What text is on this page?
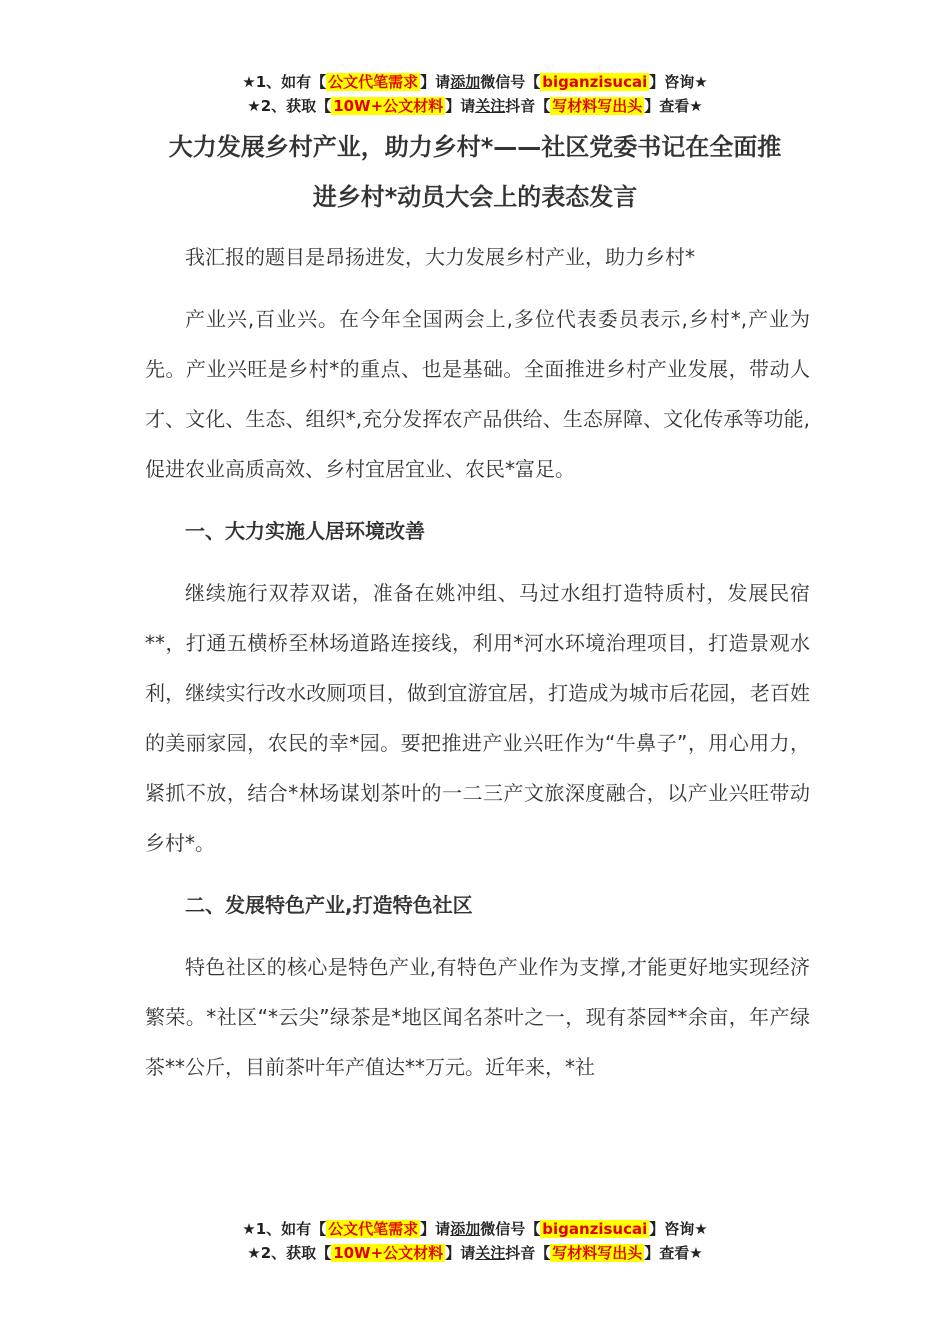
★1、如有【 公文代笔需求 】请添加微信号【 biganzisucai 】咨询★
★2、获取【 10W+公文材料 】请关注抖音【 写材料写出头 】查看★
大力发展乡村产业，助力乡村*——社区党委书记在全面推
进乡村*动员大会上的表态发言

我汇报的题目是昂扬进发，大力发展乡村产业，助力乡村*

产业兴,百业兴。在今年全国两会上,多位代表委员表示,乡村*,产业为先。产业兴旺是乡村*的重点、也是基础。全面推进乡村产业发展，带动人才、文化、生态、组织*,充分发挥农产品供给、生态屏障、文化传承等功能,促进农业高质高效、乡村宜居宜业、农民*富足。

一、大力实施人居环境改善

继续施行双荐双诺，准备在姚冲组、马过水组打造特质村，发展民宿**，打通五横桥至林场道路连接线，利用*河水环境治理项目，打造景观水利，继续实行改水改厕项目，做到宜游宜居，打造成为城市后花园，老百姓的美丽家园，农民的幸*园。要把推进产业兴旺作为“牛鼻子”，用心用力，紧抓不放，结合*林场谋划茶叶的一二三产文旅深度融合，以产业兴旺带动乡村*。

二、发展特色产业,打造特色社区

特色社区的核心是特色产业,有特色产业作为支撑,才能更好地实现经济繁荣。*社区“*云尖”绿茶是*地区闻名茶叶之一，现有茶园**余亩，年产绿茶**公斤，目前茶叶年产值达**万元。近年来，*社

★1、如有【 公文代笔需求 】请添加微信号【 biganzisucai 】咨询★
★2、获取【 10W+公文材料 】请关注抖音【 写材料写出头 】查看★
